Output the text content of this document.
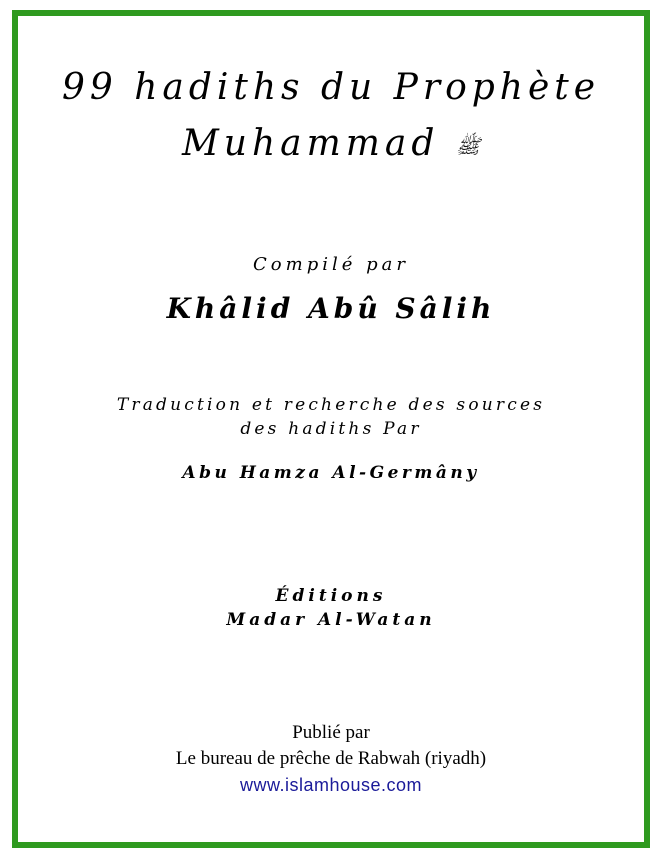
99 hadiths du Prophète
Muhammad ﷺ
Compilé par
Khâlid Abû Sâlih
Traduction et recherche des sources
des hadiths Par
Abu Hamza Al-Germâny
Éditions
Madar Al-Watan
Publié par
Le bureau de prêche de Rabwah (riyadh)
www.islamhouse.com
